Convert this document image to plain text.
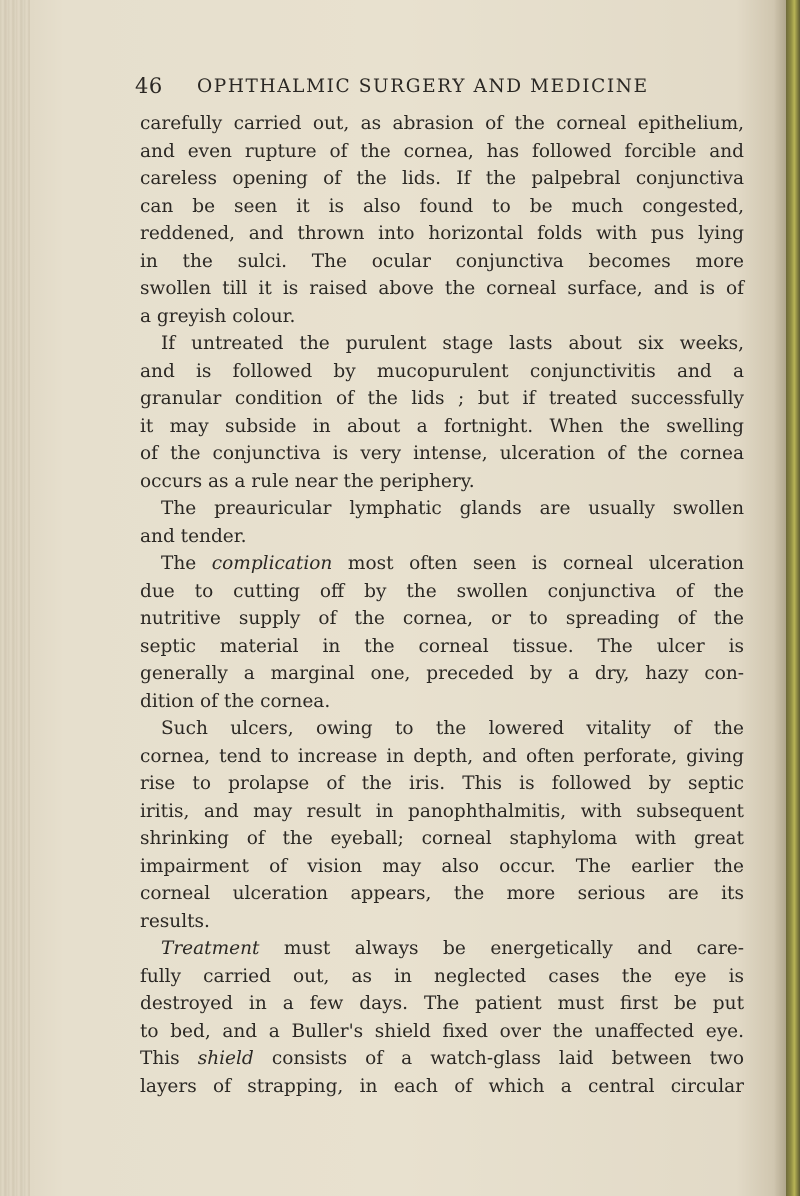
46 OPHTHALMIC SURGERY AND MEDICINE
carefully carried out, as abrasion of the corneal epithelium,
and even rupture of the cornea, has followed forcible and
careless opening of the lids. If the palpebral conjunctiva
can be seen it is also found to be much congested,
reddened, and thrown into horizontal folds with pus lying
in the sulci. The ocular conjunctiva becomes more
swollen till it is raised above the corneal surface, and is of
a greyish colour.
If untreated the purulent stage lasts about six weeks,
and is followed by mucopurulent conjunctivitis and a
granular condition of the lids ; but if treated successfully
it may subside in about a fortnight. When the swelling
of the conjunctiva is very intense, ulceration of the cornea
occurs as a rule near the periphery.
The preauricular lymphatic glands are usually swollen
and tender.
The complication most often seen is corneal ulceration
due to cutting off by the swollen conjunctiva of the
nutritive supply of the cornea, or to spreading of the
septic material in the corneal tissue. The ulcer is
generally a marginal one, preceded by a dry, hazy con-
dition of the cornea.
Such ulcers, owing to the lowered vitality of the
cornea, tend to increase in depth, and often perforate, giving
rise to prolapse of the iris. This is followed by septic
iritis, and may result in panophthalmitis, with subsequent
shrinking of the eyeball; corneal staphyloma with great
impairment of vision may also occur. The earlier the
corneal ulceration appears, the more serious are its
results.
Treatment must always be energetically and care-
fully carried out, as in neglected cases the eye is
destroyed in a few days. The patient must first be put
to bed, and a Buller's shield fixed over the unaffected eye.
This shield consists of a watch-glass laid between two
layers of strapping, in each of which a central circular
